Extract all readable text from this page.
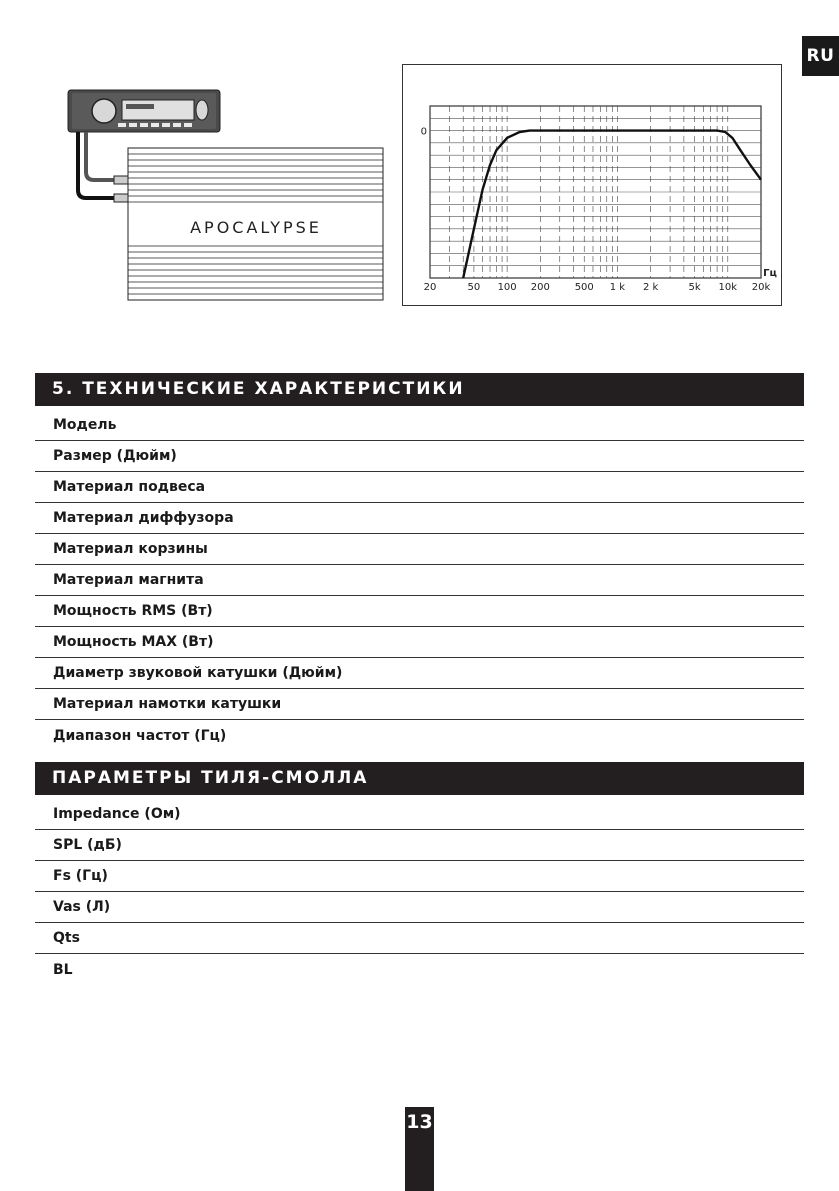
RU
APOCALYPSE
20	50 100 200 500 1 k 2 k	5k 10k 20k
0
Гц
5. ТЕХНИЧЕСКИЕ ХАРАКТЕРИСТИКИ
Модель
Размер (Дюйм)
Материал подвеса
Материал диффузора
Материал корзины
Материал магнита
Мощность RMS (Вт)
Мощность MAX (Вт)
Диаметр звуковой катушки (Дюйм)
Материал намотки катушки
Диапазон частот (Гц)
ПАРАМЕТРЫ ТИЛЯ-СМОЛЛА
Impedance (Ом)
SPL (дБ)
Fs (Гц)
Vas (Л)
Qts
BL
13
